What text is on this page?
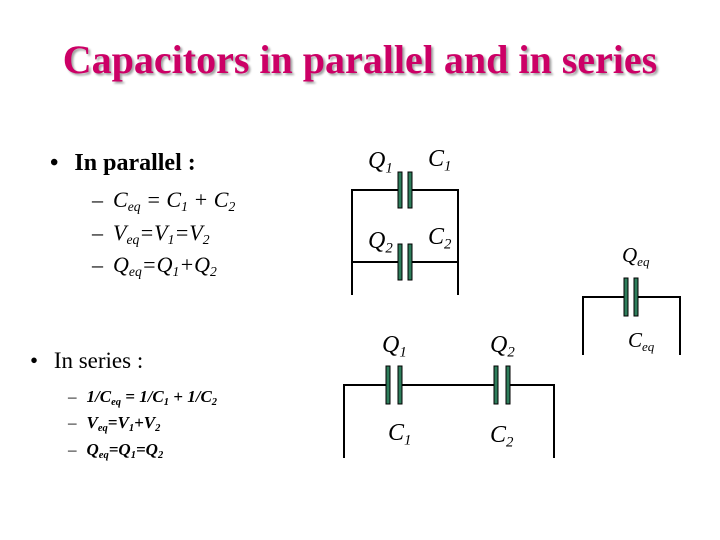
Capacitors in parallel and in series
• In parallel :
– $C_{eq} = C_1 + C_2$
– $V_{eq}=V_1=V_2$
– $Q_{eq}=Q_1+Q_2$
• In series :
– $1/C_{eq} = 1/C_1 + 1/C_2$
– $V_{eq}=V_1+V_2$
– $Q_{eq}=Q_1=Q_2$
$Q_1$ $C_1$
$Q_2$ $C_2$	$Q_{eq}$
$C_{eq}$
$Q_1$	$Q_2$
$C_1$	$C_2$
